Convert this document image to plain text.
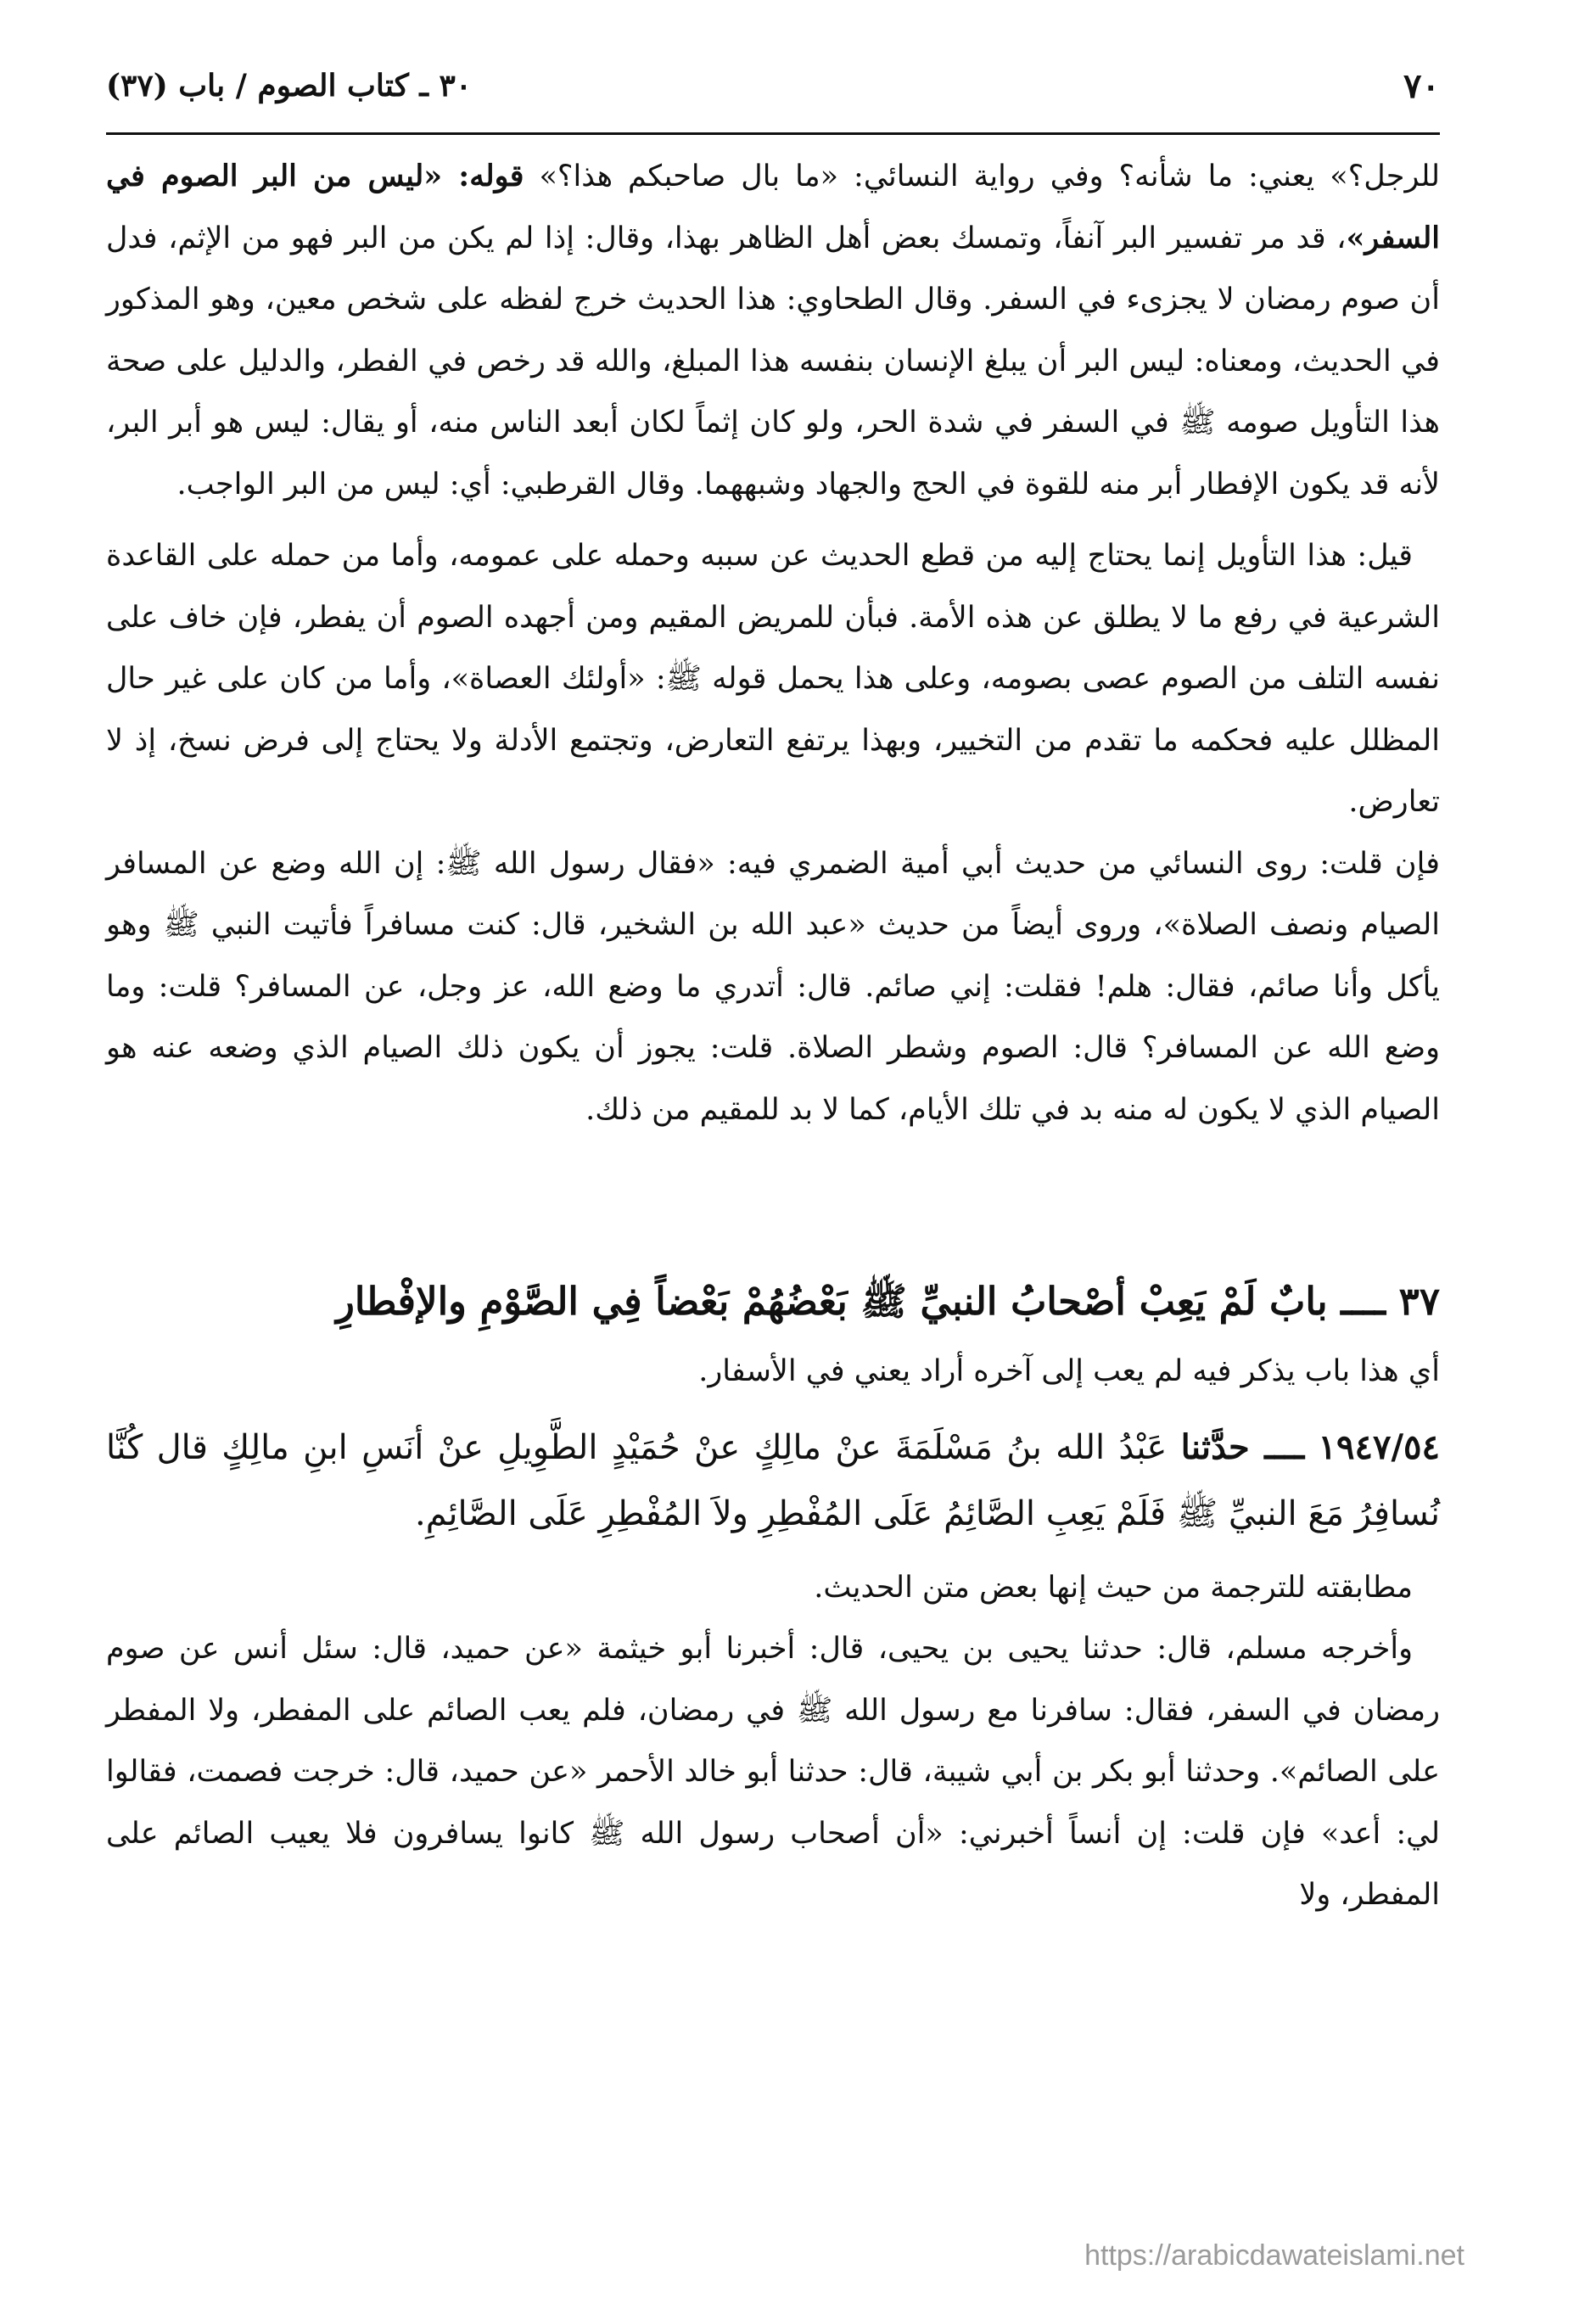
٧٠
٣٠ ـ كتاب الصوم / باب (٣٧)

للرجل؟» يعني: ما شأنه؟ وفي رواية النسائي: «ما بال صاحبكم هذا؟» قوله: «ليس من البر الصوم في السفر»، قد مر تفسير البر آنفاً، وتمسك بعض أهل الظاهر بهذا، وقال: إذا لم يكن من البر فهو من الإثم، فدل أن صوم رمضان لا يجزىء في السفر. وقال الطحاوي: هذا الحديث خرج لفظه على شخص معين، وهو المذكور في الحديث، ومعناه: ليس البر أن يبلغ الإنسان بنفسه هذا المبلغ، والله قد رخص في الفطر، والدليل على صحة هذا التأويل صومه ﷺ في السفر في شدة الحر، ولو كان إثماً لكان أبعد الناس منه، أو يقال: ليس هو أبر البر، لأنه قد يكون الإفطار أبر منه للقوة في الحج والجهاد وشبههما. وقال القرطبي: أي: ليس من البر الواجب.

قيل: هذا التأويل إنما يحتاج إليه من قطع الحديث عن سببه وحمله على عمومه، وأما من حمله على القاعدة الشرعية في رفع ما لا يطلق عن هذه الأمة. فبأن للمريض المقيم ومن أجهده الصوم أن يفطر، فإن خاف على نفسه التلف من الصوم عصى بصومه، وعلى هذا يحمل قوله ﷺ: «أولئك العصاة»، وأما من كان على غير حال المظلل عليه فحكمه ما تقدم من التخيير، وبهذا يرتفع التعارض، وتجتمع الأدلة ولا يحتاج إلى فرض نسخ، إذ لا تعارض.

فإن قلت: روى النسائي من حديث أبي أمية الضمري فيه: «فقال رسول الله ﷺ: إن الله وضع عن المسافر الصيام ونصف الصلاة»، وروى أيضاً من حديث «عبد الله بن الشخير، قال: كنت مسافراً فأتيت النبي ﷺ وهو يأكل وأنا صائم، فقال: هلم! فقلت: إني صائم. قال: أتدري ما وضع الله، عز وجل، عن المسافر؟ قلت: وما وضع الله عن المسافر؟ قال: الصوم وشطر الصلاة. قلت: يجوز أن يكون ذلك الصيام الذي وضعه عنه هو الصيام الذي لا يكون له منه بد في تلك الأيام، كما لا بد للمقيم من ذلك.

٣٧ ــــ بابٌ لَمْ يَعِبْ أصْحابُ النبيِّ ﷺ بَعْضُهُمْ بَعْضاً فِي الصَّوْمِ والإفْطارِ

أي هذا باب يذكر فيه لم يعب إلى آخره أراد يعني في الأسفار.

١٩٤٧/٥٤ ــــ حدَّثنا عَبْدُ الله بنُ مَسْلَمَةَ عنْ مالِكٍ عنْ حُمَيْدٍ الطَّوِيلِ عنْ أنَسِ ابنِ مالِكٍ قال كُنَّا نُسافِرُ مَعَ النبيِّ ﷺ فَلَمْ يَعِبِ الصَّائِمُ عَلَى المُفْطِرِ ولاَ المُفْطِرِ عَلَى الصَّائِمِ.

مطابقته للترجمة من حيث إنها بعض متن الحديث.

وأخرجه مسلم، قال: حدثنا يحيى بن يحيى، قال: أخبرنا أبو خيثمة «عن حميد، قال: سئل أنس عن صوم رمضان في السفر، فقال: سافرنا مع رسول الله ﷺ في رمضان، فلم يعب الصائم على المفطر، ولا المفطر على الصائم». وحدثنا أبو بكر بن أبي شيبة، قال: حدثنا أبو خالد الأحمر «عن حميد، قال: خرجت فصمت، فقالوا لي: أعد» فإن قلت: إن أنساً أخبرني: «أن أصحاب رسول الله ﷺ كانوا يسافرون فلا يعيب الصائم على المفطر، ولا

https://arabicdawateislami.net
